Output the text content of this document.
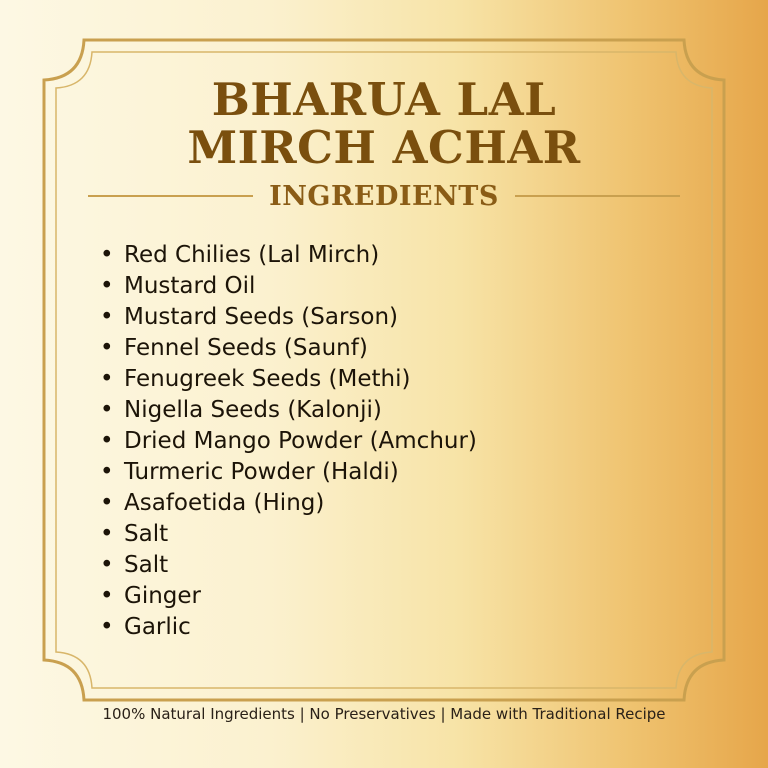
BHARUA LAL
MIRCH ACHAR
INGREDIENTS
• Red Chilies (Lal Mirch)
• Mustard Oil
• Mustard Seeds (Sarson)
• Fennel Seeds (Saunf)
• Fenugreek Seeds (Methi)
• Nigella Seeds (Kalonji)
• Dried Mango Powder (Amchur)
• Turmeric Powder (Haldi)
• Asafoetida (Hing)
• Salt
• Salt
• Ginger
• Garlic

100% Natural Ingredients | No Preservatives | Made with Traditional Recipe
